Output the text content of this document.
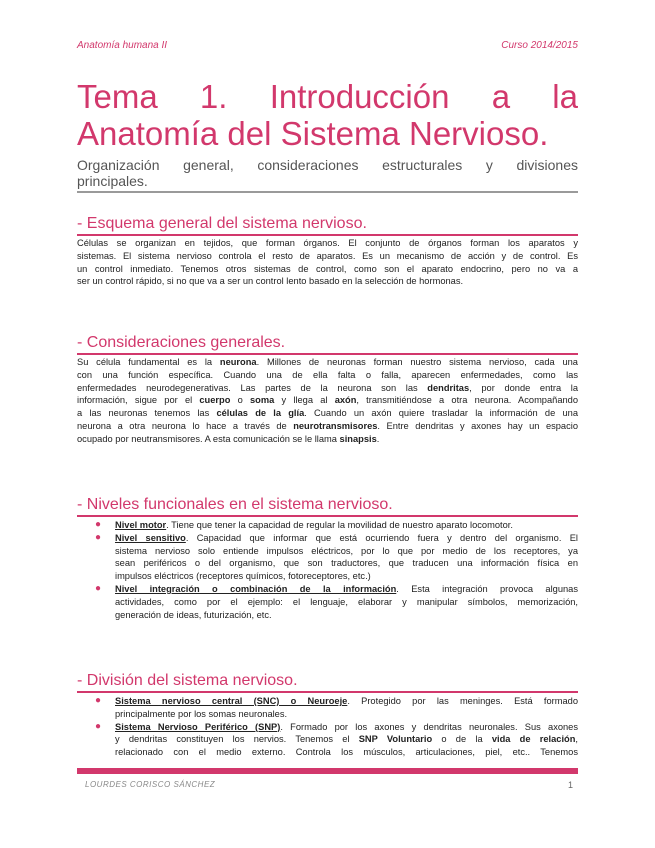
Anatomía humana II	Curso 2014/2015
Tema 1. Introducción a la
Anatomía del Sistema Nervioso.
Organización general, consideraciones estructurales y divisiones
principales.
- Esquema general del sistema nervioso.
Células se organizan en tejidos, que forman órganos. El conjunto de órganos forman los aparatos y
sistemas. El sistema nervioso controla el resto de aparatos. Es un mecanismo de acción y de control. Es
un control inmediato. Tenemos otros sistemas de control, como son el aparato endocrino, pero no va a
ser un control rápido, si no que va a ser un control lento basado en la selección de hormonas.
- Consideraciones generales.
Su célula fundamental es la neurona. Millones de neuronas forman nuestro sistema nervioso, cada una
con una función específica. Cuando una de ella falta o falla, aparecen enfermedades, como las
enfermedades neurodegenerativas. Las partes de la neurona son las dendritas, por donde entra la
información, sigue por el cuerpo o soma y llega al axón, transmitiéndose a otra neurona. Acompañando
a las neuronas tenemos las células de la glía. Cuando un axón quiere trasladar la información de una
neurona a otra neurona lo hace a través de neurotransmisores. Entre dendritas y axones hay un espacio
ocupado por neutransmisores. A esta comunicación se le llama sinapsis.
- Niveles funcionales en el sistema nervioso.
● Nivel motor. Tiene que tener la capacidad de regular la movilidad de nuestro aparato locomotor.
● Nivel sensitivo. Capacidad que informar que está ocurriendo fuera y dentro del organismo. El
sistema nervioso solo entiende impulsos eléctricos, por lo que por medio de los receptores, ya
sean periféricos o del organismo, que son traductores, que traducen una información física en
impulsos eléctricos (receptores químicos, fotoreceptores, etc.)
● Nivel integración o combinación de la información. Esta integración provoca algunas
actividades, como por el ejemplo: el lenguaje, elaborar y manipular símbolos, memorización,
generación de ideas, futurización, etc.
- División del sistema nervioso.
● Sistema nervioso central (SNC) o Neuroeje. Protegido por las meninges. Está formado
principalmente por los somas neuronales.
● Sistema Nervioso Periférico (SNP). Formado por los axones y dendritas neuronales. Sus axones
y dendritas constituyen los nervios. Tenemos el SNP Voluntario o de la vida de relación,
relacionado con el medio externo. Controla los músculos, articulaciones, piel, etc.. Tenemos
LOURDES CORISCO SÁNCHEZ	1
